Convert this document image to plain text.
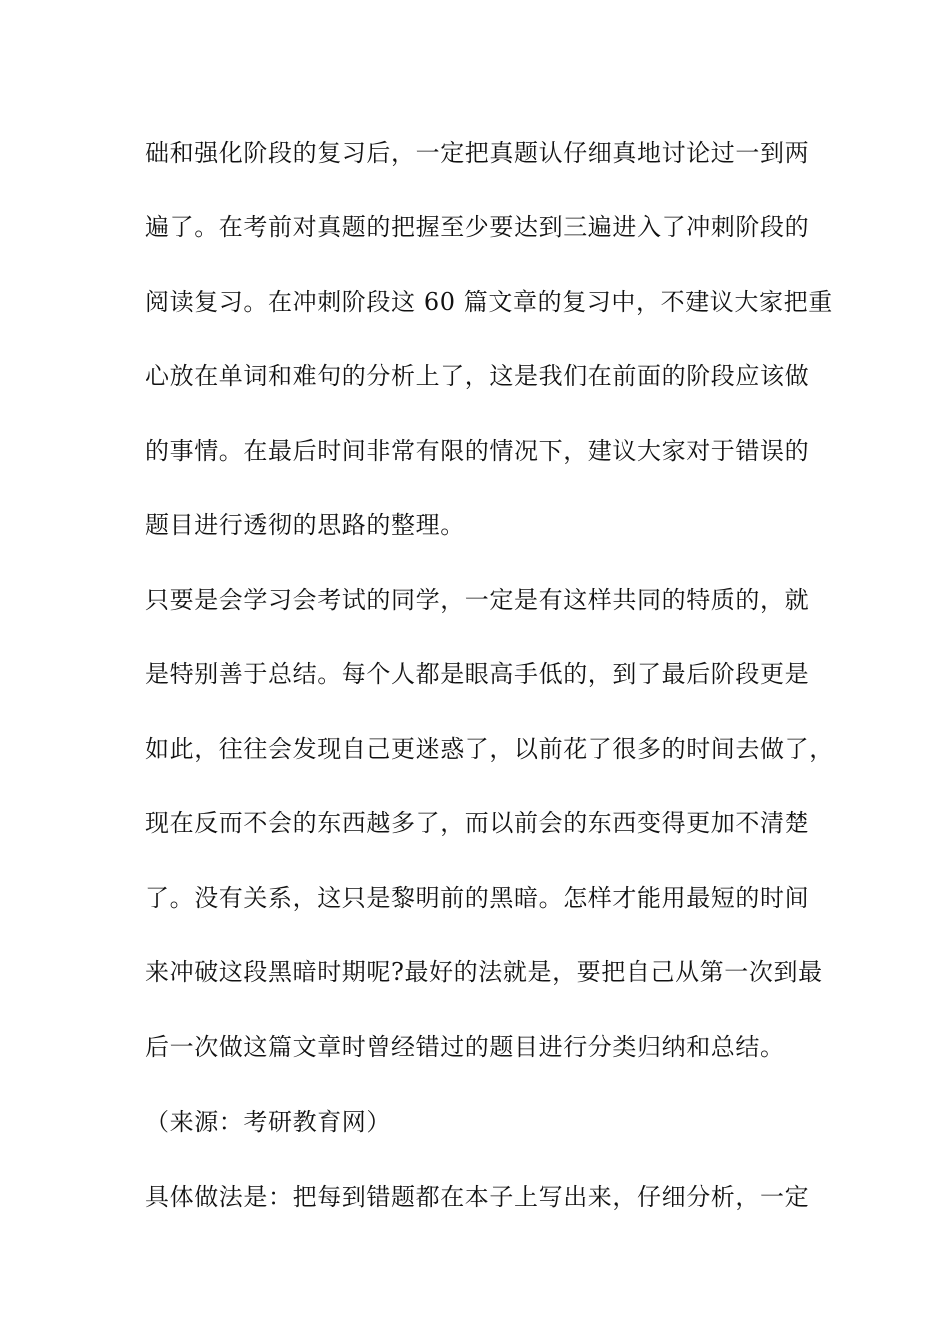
础和强化阶段的复习后，一定把真题认仔细真地讨论过一到两
遍了。在考前对真题的把握至少要达到三遍进入了冲刺阶段的
阅读复习。在冲刺阶段这 60 篇文章的复习中，不建议大家把重
心放在单词和难句的分析上了，这是我们在前面的阶段应该做
的事情。在最后时间非常有限的情况下，建议大家对于错误的
题目进行透彻的思路的整理。
只要是会学习会考试的同学，一定是有这样共同的特质的，就
是特别善于总结。每个人都是眼高手低的，到了最后阶段更是
如此，往往会发现自己更迷惑了，以前花了很多的时间去做了，
现在反而不会的东西越多了，而以前会的东西变得更加不清楚
了。没有关系，这只是黎明前的黑暗。怎样才能用最短的时间
来冲破这段黑暗时期呢?最好的法就是，要把自己从第一次到最
后一次做这篇文章时曾经错过的题目进行分类归纳和总结。
（来源：考研教育网）
具体做法是：把每到错题都在本子上写出来，仔细分析，一定
